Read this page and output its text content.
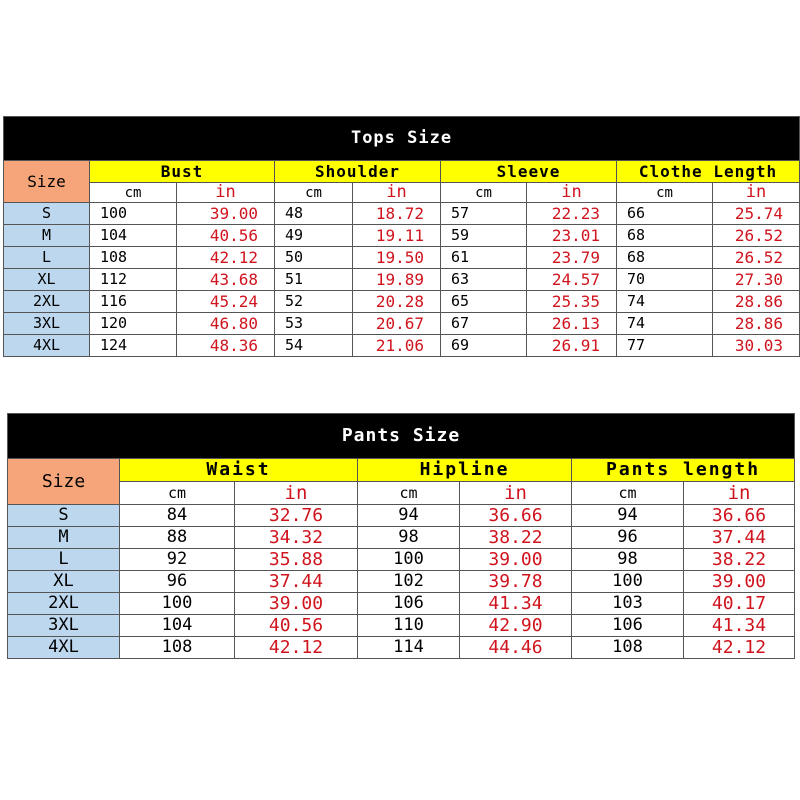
Tops Size								
Size	Bust		Shoulder		Sleeve		Clothe Length	
	cm	in	cm	in	cm	in	cm	in
S	100	39.00	48	18.72	57	22.23	66	25.74
M	104	40.56	49	19.11	59	23.01	68	26.52
L	108	42.12	50	19.50	61	23.79	68	26.52
XL	112	43.68	51	19.89	63	24.57	70	27.30
2XL	116	45.24	52	20.28	65	25.35	74	28.86
3XL	120	46.80	53	20.67	67	26.13	74	28.86
4XL	124	48.36	54	21.06	69	26.91	77	30.03
Pants Size						
Size	Waist		Hipline		Pants length	
	cm	in	cm	in	cm	in
S	84	32.76	94	36.66	94	36.66
M	88	34.32	98	38.22	96	37.44
L	92	35.88	100	39.00	98	38.22
XL	96	37.44	102	39.78	100	39.00
2XL	100	39.00	106	41.34	103	40.17
3XL	104	40.56	110	42.90	106	41.34
4XL	108	42.12	114	44.46	108	42.12
